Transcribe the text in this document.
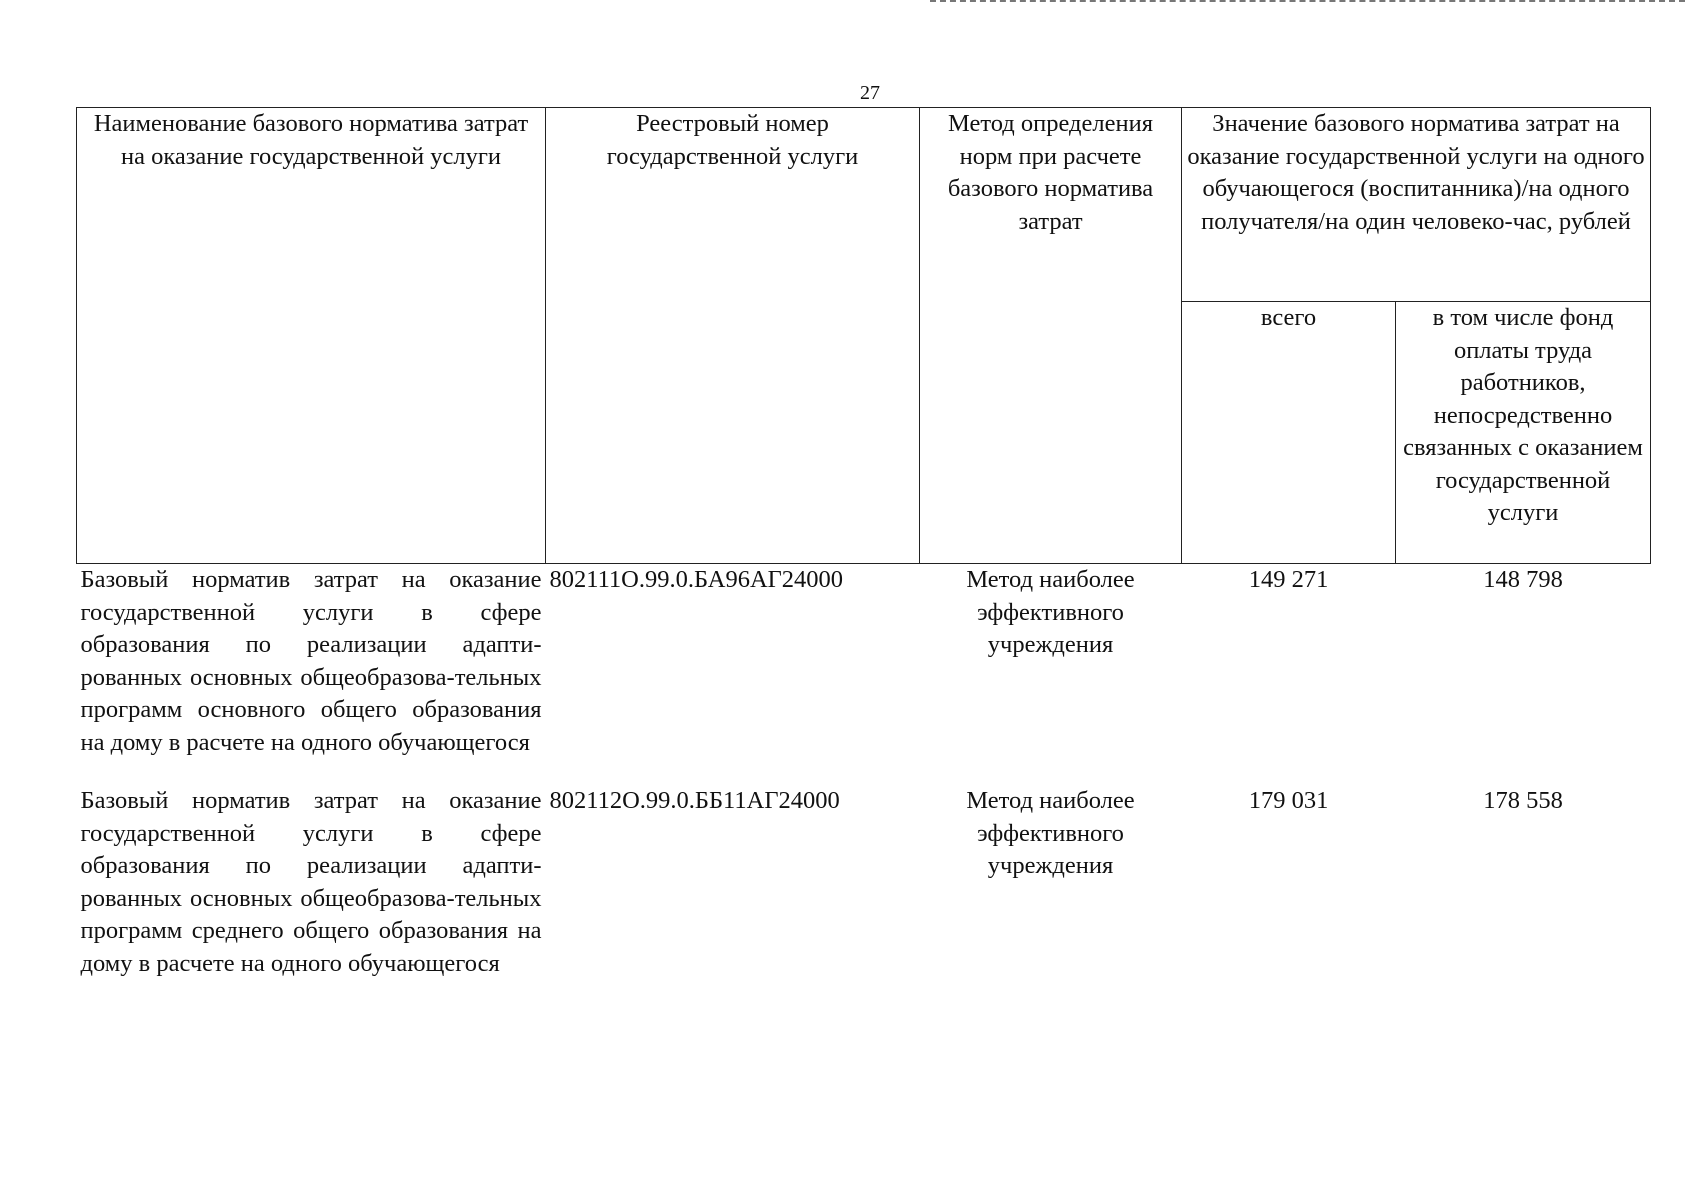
27
Наименование базового норматива затрат на оказание государственной услуги	Реестровый номер государственной услуги	Метод определения норм при расчете базового норматива затрат	Значение базового норматива затрат на оказание государственной услуги на одного обучающегося (воспитанника)/на одного получателя/на один человеко-час, рублей	
			всего	в том числе фонд оплаты труда работников, непосредственно связанных с оказанием государственной услуги
Базовый норматив затрат на оказание государственной услуги в сфере образования по реализации адапти-рованных основных общеобразова-тельных программ основного общего образования на дому в расчете на одного обучающегося	802111О.99.0.БА96АГ24000	Метод наиболее эффективного учреждения	149 271	148 798

Базовый норматив затрат на оказание государственной услуги в сфере образования по реализации адапти-рованных основных общеобразова-тельных программ среднего общего образования на дому в расчете на одного обучающегося	802112О.99.0.ББ11АГ24000	Метод наиболее эффективного учреждения	179 031	178 558
